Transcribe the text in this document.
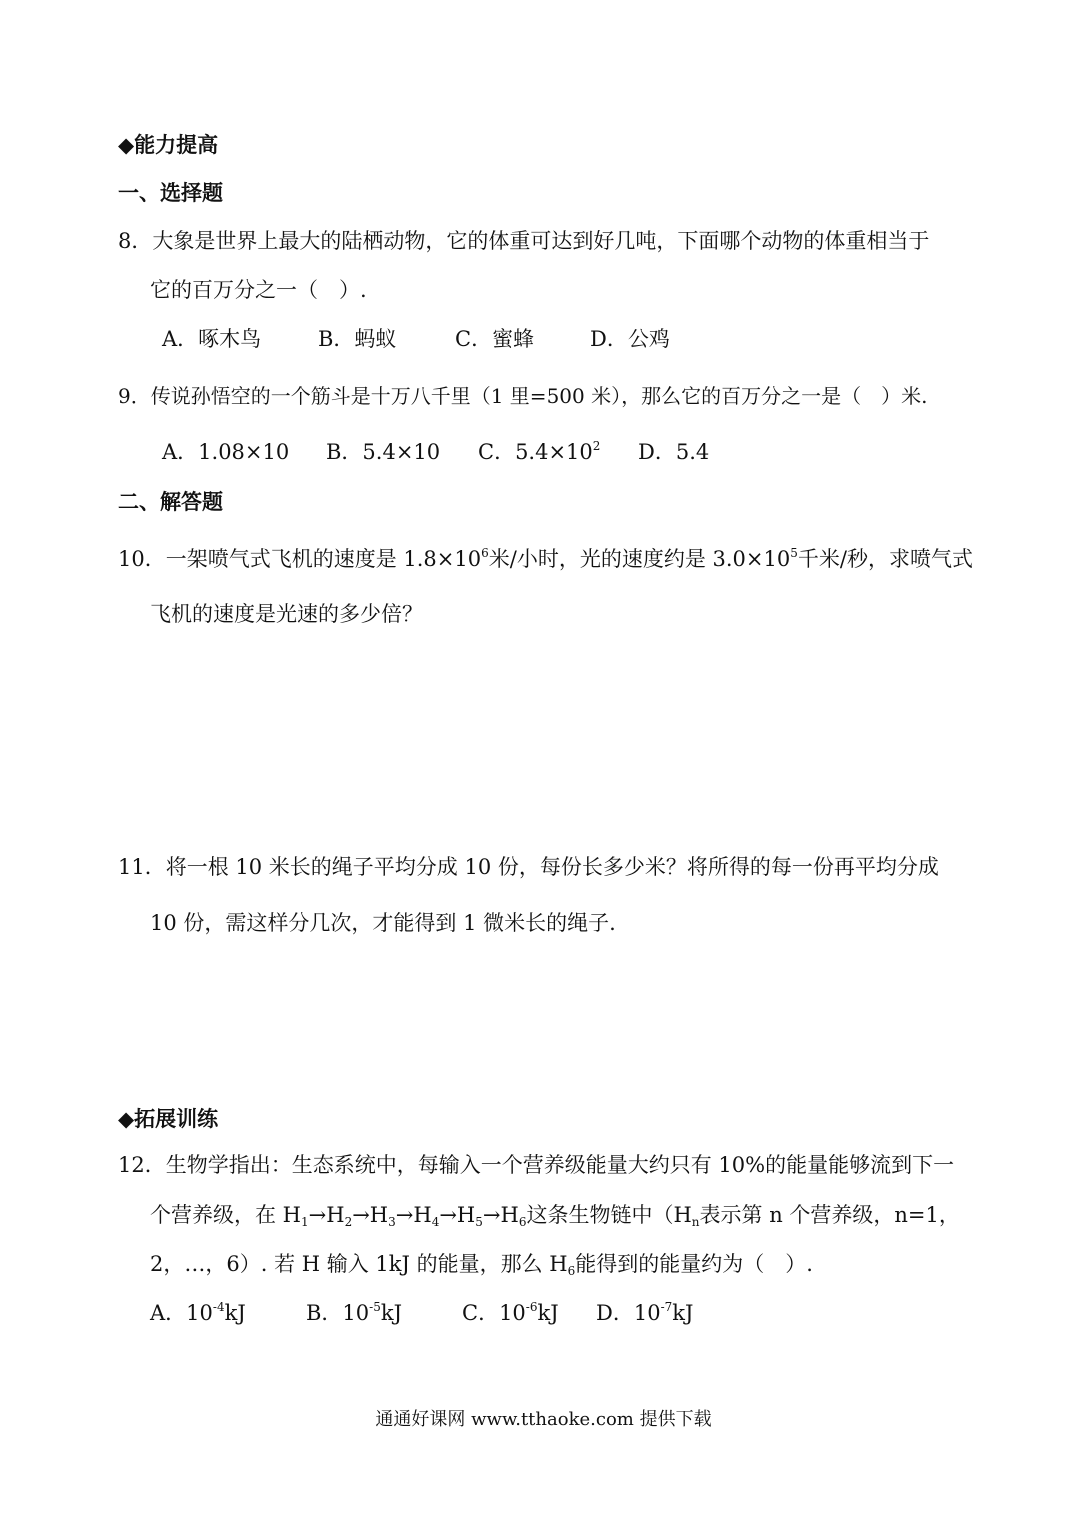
◆能力提高
一、选择题
8．大象是世界上最大的陆栖动物，它的体重可达到好几吨，下面哪个动物的体重相当于
它的百万分之一（　）.
A．啄木鸟	B．蚂蚁	C．蜜蜂	D．公鸡
9．传说孙悟空的一个筋斗是十万八千里（1 里=500 米），那么它的百万分之一是（　）米.
A．1.08×10 B．5.4×10 C．$5.4\times 10^2$ D．5.4
二、解答题
10．一架喷气式飞机的速度是 $1.8\times 10^6$米/小时，光的速度约是 $3.0\times 10^5$千米/秒，求喷气式
飞机的速度是光速的多少倍？
11．将一根 10 米长的绳子平均分成 10 份，每份长多少米？将所得的每一份再平均分成
10 份，需这样分几次，才能得到 1 微米长的绳子.
◆拓展训练
12．生物学指出：生态系统中，每输入一个营养级能量大约只有 10%的能量能够流到下一
个营养级，在 $H_1\to H_2\to H_3\to H_4\to H_5\to H_6$这条生物链中（$H_n$表示第 n 个营养级，n=1，
2，…，6）. 若 H 输入 1kJ 的能量，那么 $H_6$能得到的能量约为（　）.
A．$10^{-4}kJ$	B．$10^{-5}kJ$	C．$10^{-6}kJ$ D．$10^{-7}kJ$
通通好课网 www.tthaoke.com 提供下载
